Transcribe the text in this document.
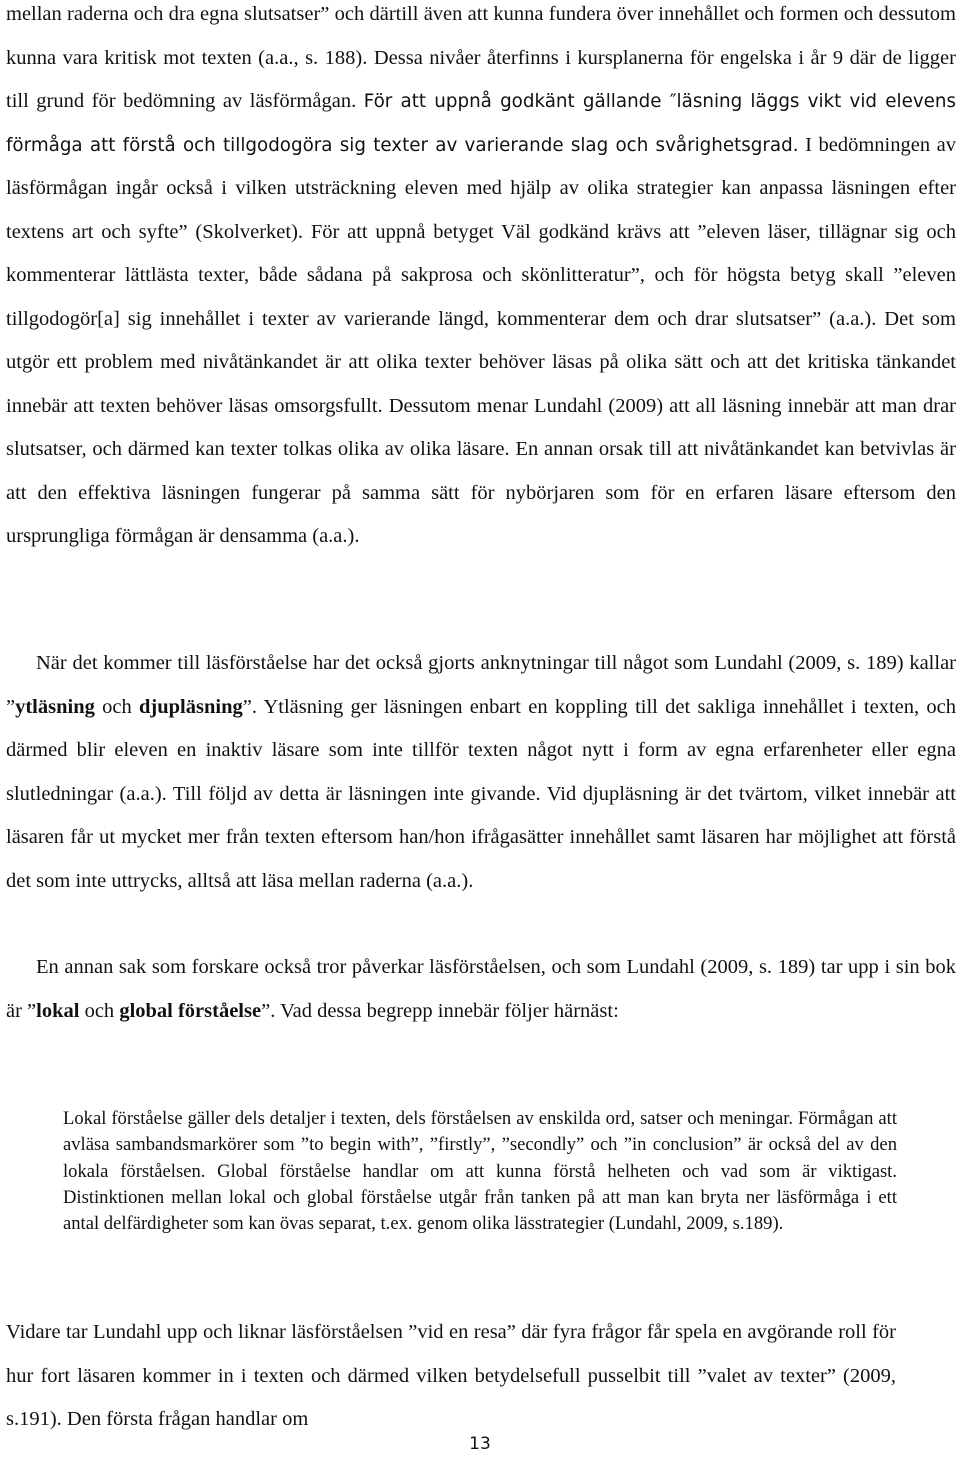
mellan raderna och dra egna slutsatser” och därtill även att kunna fundera över innehållet och formen och dessutom kunna vara kritisk mot texten (a.a., s. 188). Dessa nivåer återfinns i kursplanerna för engelska i år 9 där de ligger till grund för bedömning av läsförmågan. För att uppnå godkänt gällande ″läsning läggs vikt vid elevens förmåga att förstå och tillgodogöra sig texter av varierande slag och svårighetsgrad. I bedömningen av läsförmågan ingår också i vilken utsträckning eleven med hjälp av olika strategier kan anpassa läsningen efter textens art och syfte” (Skolverket). För att uppnå betyget Väl godkänd krävs att ”eleven läser, tillägnar sig och kommenterar lättlästa texter, både sådana på sakprosa och skönlitteratur”, och för högsta betyg skall ”eleven tillgodogör[a] sig innehållet i texter av varierande längd, kommenterar dem och drar slutsatser” (a.a.). Det som utgör ett problem med nivåtänkandet är att olika texter behöver läsas på olika sätt och att det kritiska tänkandet innebär att texten behöver läsas omsorgsfullt. Dessutom menar Lundahl (2009) att all läsning innebär att man drar slutsatser, och därmed kan texter tolkas olika av olika läsare. En annan orsak till att nivåtänkandet kan betvivlas är att den effektiva läsningen fungerar på samma sätt för nybörjaren som för en erfaren läsare eftersom den ursprungliga förmågan är densamma (a.a.).

När det kommer till läsförståelse har det också gjorts anknytningar till något som Lundahl (2009, s. 189) kallar ”ytläsning och djupläsning”. Ytläsning ger läsningen enbart en koppling till det sakliga innehållet i texten, och därmed blir eleven en inaktiv läsare som inte tillför texten något nytt i form av egna erfarenheter eller egna slutledningar (a.a.). Till följd av detta är läsningen inte givande. Vid djupläsning är det tvärtom, vilket innebär att läsaren får ut mycket mer från texten eftersom han/hon ifrågasätter innehållet samt läsaren har möjlighet att förstå det som inte uttrycks, alltså att läsa mellan raderna (a.a.).

En annan sak som forskare också tror påverkar läsförståelsen, och som Lundahl (2009, s. 189) tar upp i sin bok är ”lokal och global förståelse”. Vad dessa begrepp innebär följer härnäst:

Lokal förståelse gäller dels detaljer i texten, dels förståelsen av enskilda ord, satser och meningar. Förmågan att avläsa sambandsmarkörer som ”to begin with”, ”firstly”, ”secondly” och ”in conclusion” är också del av den lokala förståelsen. Global förståelse handlar om att kunna förstå helheten och vad som är viktigast. Distinktionen mellan lokal och global förståelse utgår från tanken på att man kan bryta ner läsförmåga i ett antal delfärdigheter som kan övas separat, t.ex. genom olika lässtrategier (Lundahl, 2009, s.189).

Vidare tar Lundahl upp och liknar läsförståelsen ”vid en resa” där fyra frågor får spela en avgörande roll för hur fort läsaren kommer in i texten och därmed vilken betydelsefull pusselbit till ”valet av texter” (2009, s.191). Den första frågan handlar om

13
